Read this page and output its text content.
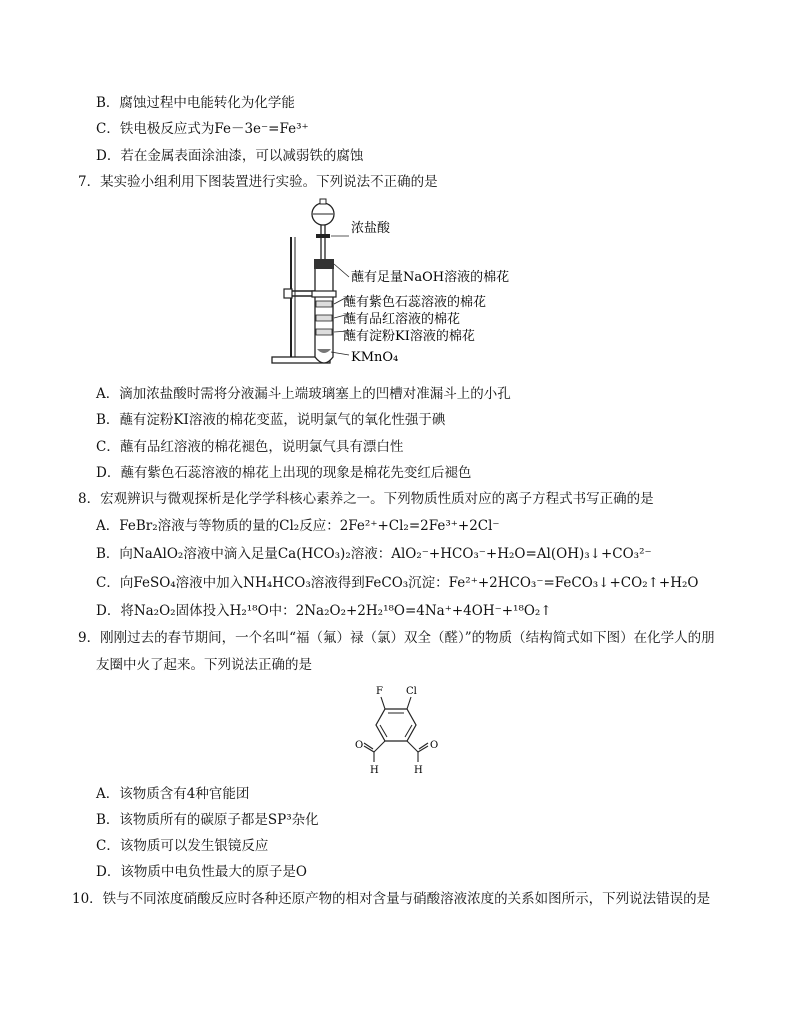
B．腐蚀过程中电能转化为化学能
C．铁电极反应式为Fe－3e⁻=Fe³⁺
D．若在金属表面涂油漆，可以减弱铁的腐蚀
7．某实验小组利用下图装置进行实验。下列说法不正确的是
浓盐酸
蘸有足量NaOH溶液的棉花
蘸有紫色石蕊溶液的棉花
蘸有品红溶液的棉花
蘸有淀粉KI溶液的棉花
KMnO₄
A．滴加浓盐酸时需将分液漏斗上端玻璃塞上的凹槽对准漏斗上的小孔
B．蘸有淀粉KI溶液的棉花变蓝，说明氯气的氧化性强于碘
C．蘸有品红溶液的棉花褪色，说明氯气具有漂白性
D．蘸有紫色石蕊溶液的棉花上出现的现象是棉花先变红后褪色
8．宏观辨识与微观探析是化学学科核心素养之一。下列物质性质对应的离子方程式书写正确的是
A．FeBr₂溶液与等物质的量的Cl₂反应：2Fe²⁺+Cl₂=2Fe³⁺+2Cl⁻
B．向NaAlO₂溶液中滴入足量Ca(HCO₃)₂溶液：AlO₂⁻+HCO₃⁻+H₂O=Al(OH)₃↓+CO₃²⁻
C．向FeSO₄溶液中加入NH₄HCO₃溶液得到FeCO₃沉淀：Fe²⁺+2HCO₃⁻=FeCO₃↓+CO₂↑+H₂O
D．将Na₂O₂固体投入H₂¹⁸O中：2Na₂O₂+2H₂¹⁸O=4Na⁺+4OH⁻+¹⁸O₂↑
9．刚刚过去的春节期间，一个名叫“福（氟）禄（氯）双全（醛）”的物质（结构简式如下图）在化学人的朋
友圈中火了起来。下列说法正确的是
F Cl
O	O
H	H
A．该物质含有4种官能团
B．该物质所有的碳原子都是SP³杂化
C．该物质可以发生银镜反应
D．该物质中电负性最大的原子是O
10．铁与不同浓度硝酸反应时各种还原产物的相对含量与硝酸溶液浓度的关系如图所示，下列说法错误的是
